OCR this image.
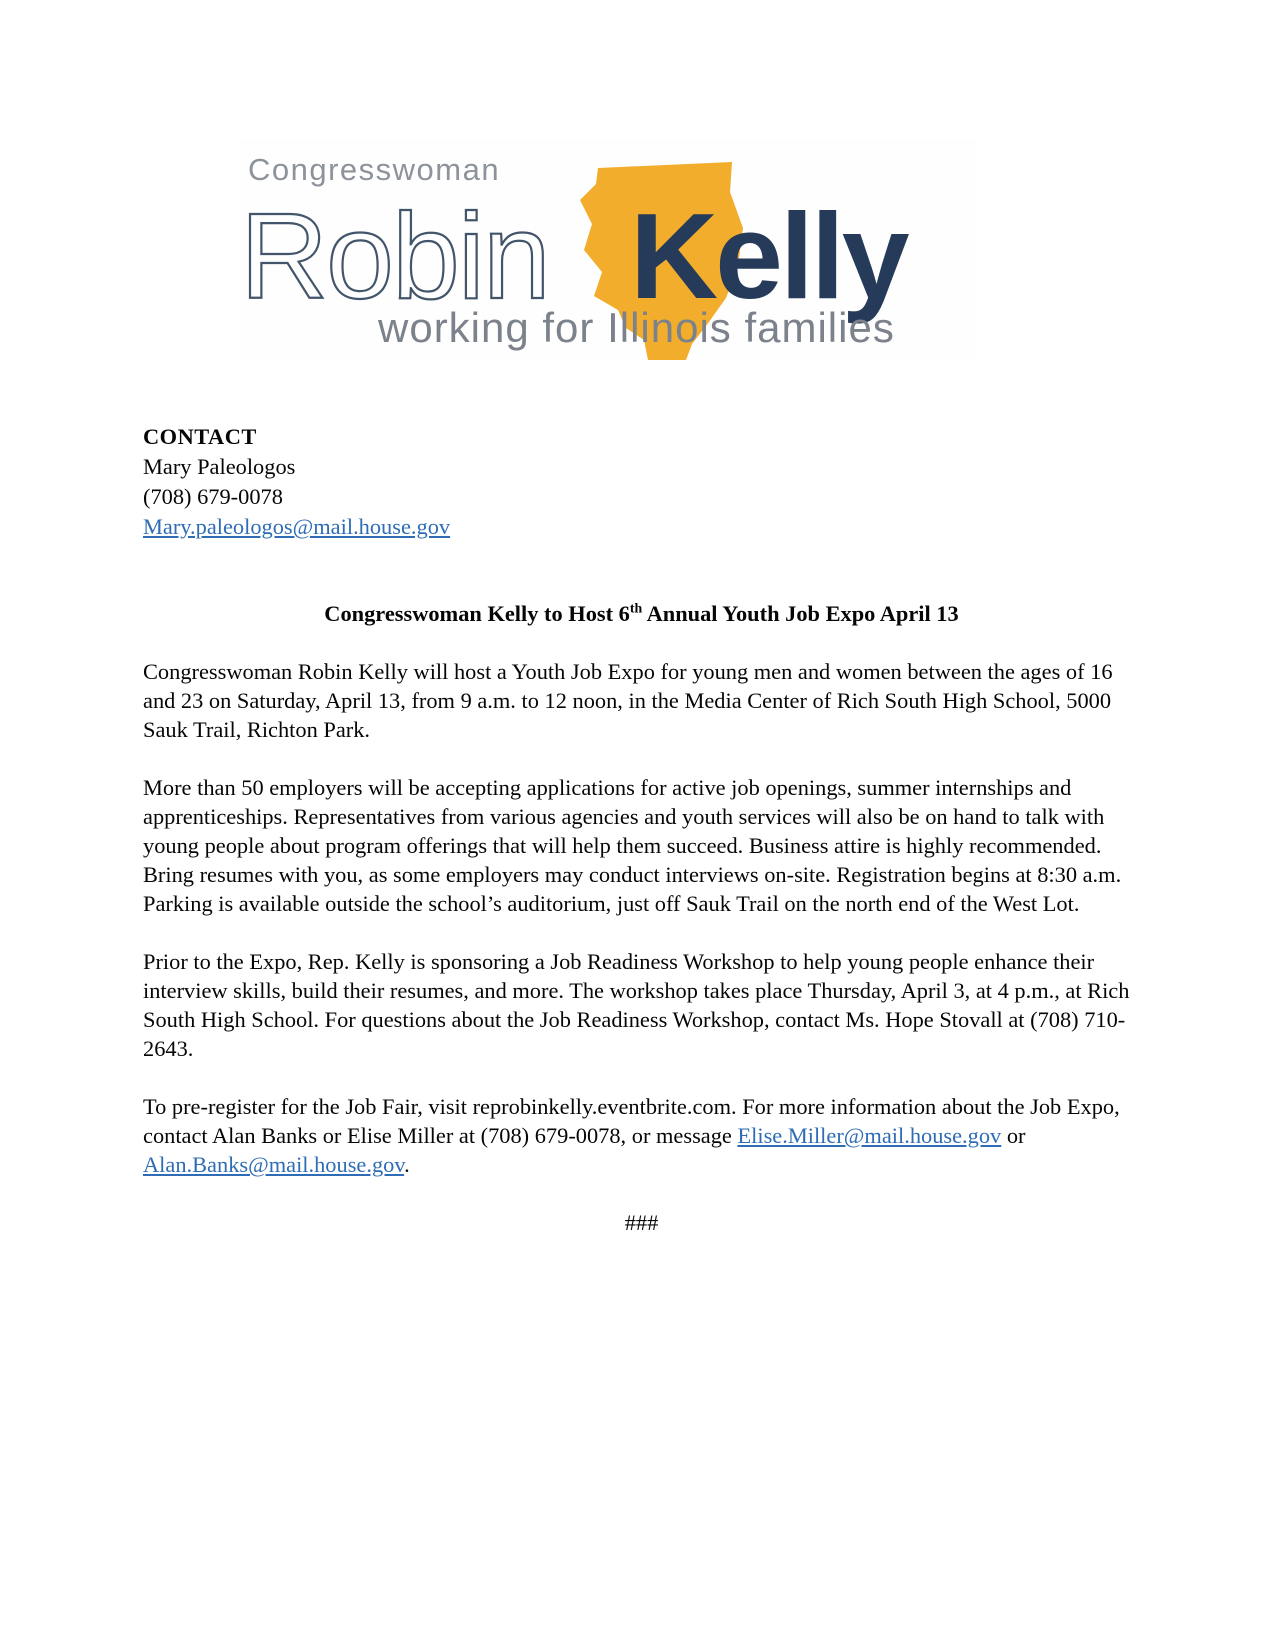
Congresswoman
Robin Kelly
working for Illinois families
CONTACT
Mary Paleologos
(708) 679-0078
Mary.paleologos@mail.house.gov
Congresswoman Kelly to Host 6th Annual Youth Job Expo April 13

Congresswoman Robin Kelly will host a Youth Job Expo for young men and women between the ages of 16 and 23 on Saturday, April 13, from 9 a.m. to 12 noon, in the Media Center of Rich South High School, 5000 Sauk Trail, Richton Park.

More than 50 employers will be accepting applications for active job openings, summer internships and apprenticeships. Representatives from various agencies and youth services will also be on hand to talk with young people about program offerings that will help them succeed. Business attire is highly recommended. Bring resumes with you, as some employers may conduct interviews on-site. Registration begins at 8:30 a.m. Parking is available outside the school’s auditorium, just off Sauk Trail on the north end of the West Lot.

Prior to the Expo, Rep. Kelly is sponsoring a Job Readiness Workshop to help young people enhance their interview skills, build their resumes, and more. The workshop takes place Thursday, April 3, at 4 p.m., at Rich South High School. For questions about the Job Readiness Workshop, contact Ms. Hope Stovall at (708) 710-2643.

To pre-register for the Job Fair, visit reprobinkelly.eventbrite.com. For more information about the Job Expo, contact Alan Banks or Elise Miller at (708) 679-0078, or message Elise.Miller@mail.house.gov or Alan.Banks@mail.house.gov.

###
